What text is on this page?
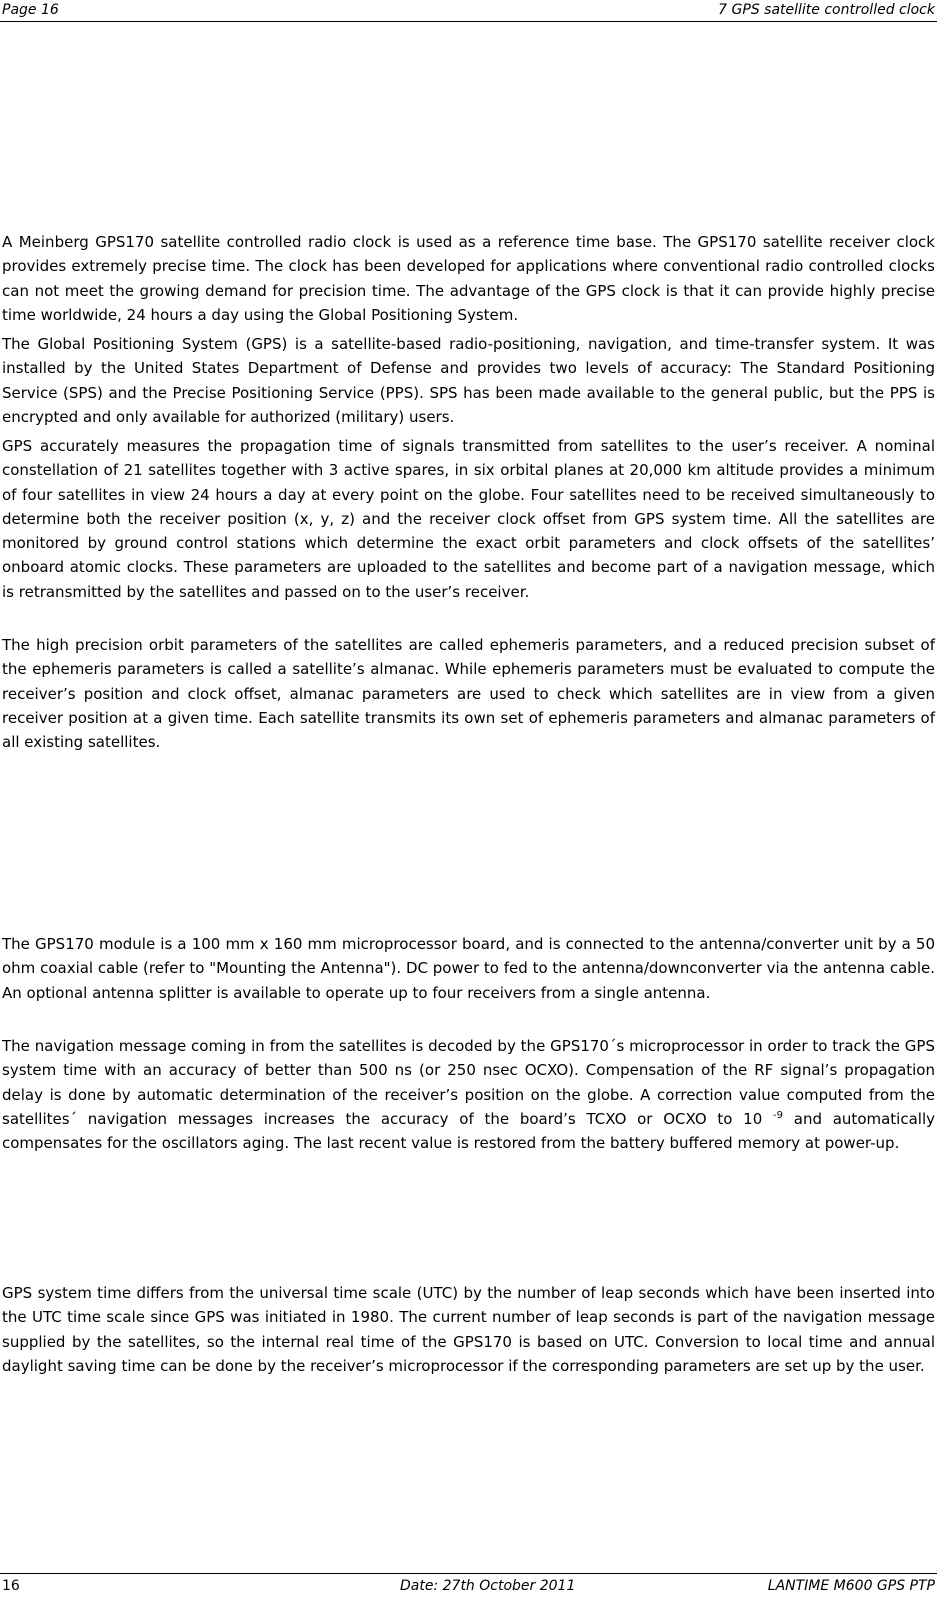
Page 16	7 GPS satellite controlled clock

A Meinberg GPS170 satellite controlled radio clock is used as a reference time base. The GPS170 satellite receiver clock provides extremely precise time. The clock has been developed for applications where conventional radio controlled clocks can not meet the growing demand for precision time. The advantage of the GPS clock is that it can provide highly precise time worldwide, 24 hours a day using the Global Positioning System.

The Global Positioning System (GPS) is a satellite-based radio-positioning, navigation, and time-transfer system. It was installed by the United States Department of Defense and provides two levels of accuracy: The Standard Positioning Service (SPS) and the Precise Positioning Service (PPS). SPS has been made available to the general public, but the PPS is encrypted and only available for authorized (military) users.

GPS accurately measures the propagation time of signals transmitted from satellites to the user’s receiver. A nominal constellation of 21 satellites together with 3 active spares, in six orbital planes at 20,000 km altitude provides a minimum of four satellites in view 24 hours a day at every point on the globe. Four satellites need to be received simultaneously to determine both the receiver position (x, y, z) and the receiver clock offset from GPS system time. All the satellites are monitored by ground control stations which determine the exact orbit parameters and clock offsets of the satellites’ onboard atomic clocks. These parameters are uploaded to the satellites and become part of a navigation message, which is retransmitted by the satellites and passed on to the user’s receiver.

The high precision orbit parameters of the satellites are called ephemeris parameters, and a reduced precision subset of the ephemeris parameters is called a satellite’s almanac. While ephemeris parameters must be evaluated to compute the receiver’s position and clock offset, almanac parameters are used to check which satellites are in view from a given receiver position at a given time. Each satellite transmits its own set of ephemeris parameters and almanac parameters of all existing satellites.

The GPS170 module is a 100 mm x 160 mm microprocessor board, and is connected to the antenna/converter unit by a 50 ohm coaxial cable (refer to "Mounting the Antenna"). DC power to fed to the antenna/downconverter via the antenna cable. An optional antenna splitter is available to operate up to four receivers from a single antenna.

The navigation message coming in from the satellites is decoded by the GPS170´s microprocessor in order to track the GPS system time with an accuracy of better than 500 ns (or 250 nsec OCXO). Compensation of the RF signal’s propagation delay is done by automatic determination of the receiver’s position on the globe. A correction value computed from the satellites´ navigation messages increases the accuracy of the board’s TCXO or OCXO to 10 $^{-9}$ and automatically compensates for the oscillators aging. The last recent value is restored from the battery buffered memory at power-up.

GPS system time differs from the universal time scale (UTC) by the number of leap seconds which have been inserted into the UTC time scale since GPS was initiated in 1980. The current number of leap seconds is part of the navigation message supplied by the satellites, so the internal real time of the GPS170 is based on UTC. Conversion to local time and annual daylight saving time can be done by the receiver’s microprocessor if the corresponding parameters are set up by the user.

16	Date: 27th October 2011	LANTIME M600 GPS PTP
